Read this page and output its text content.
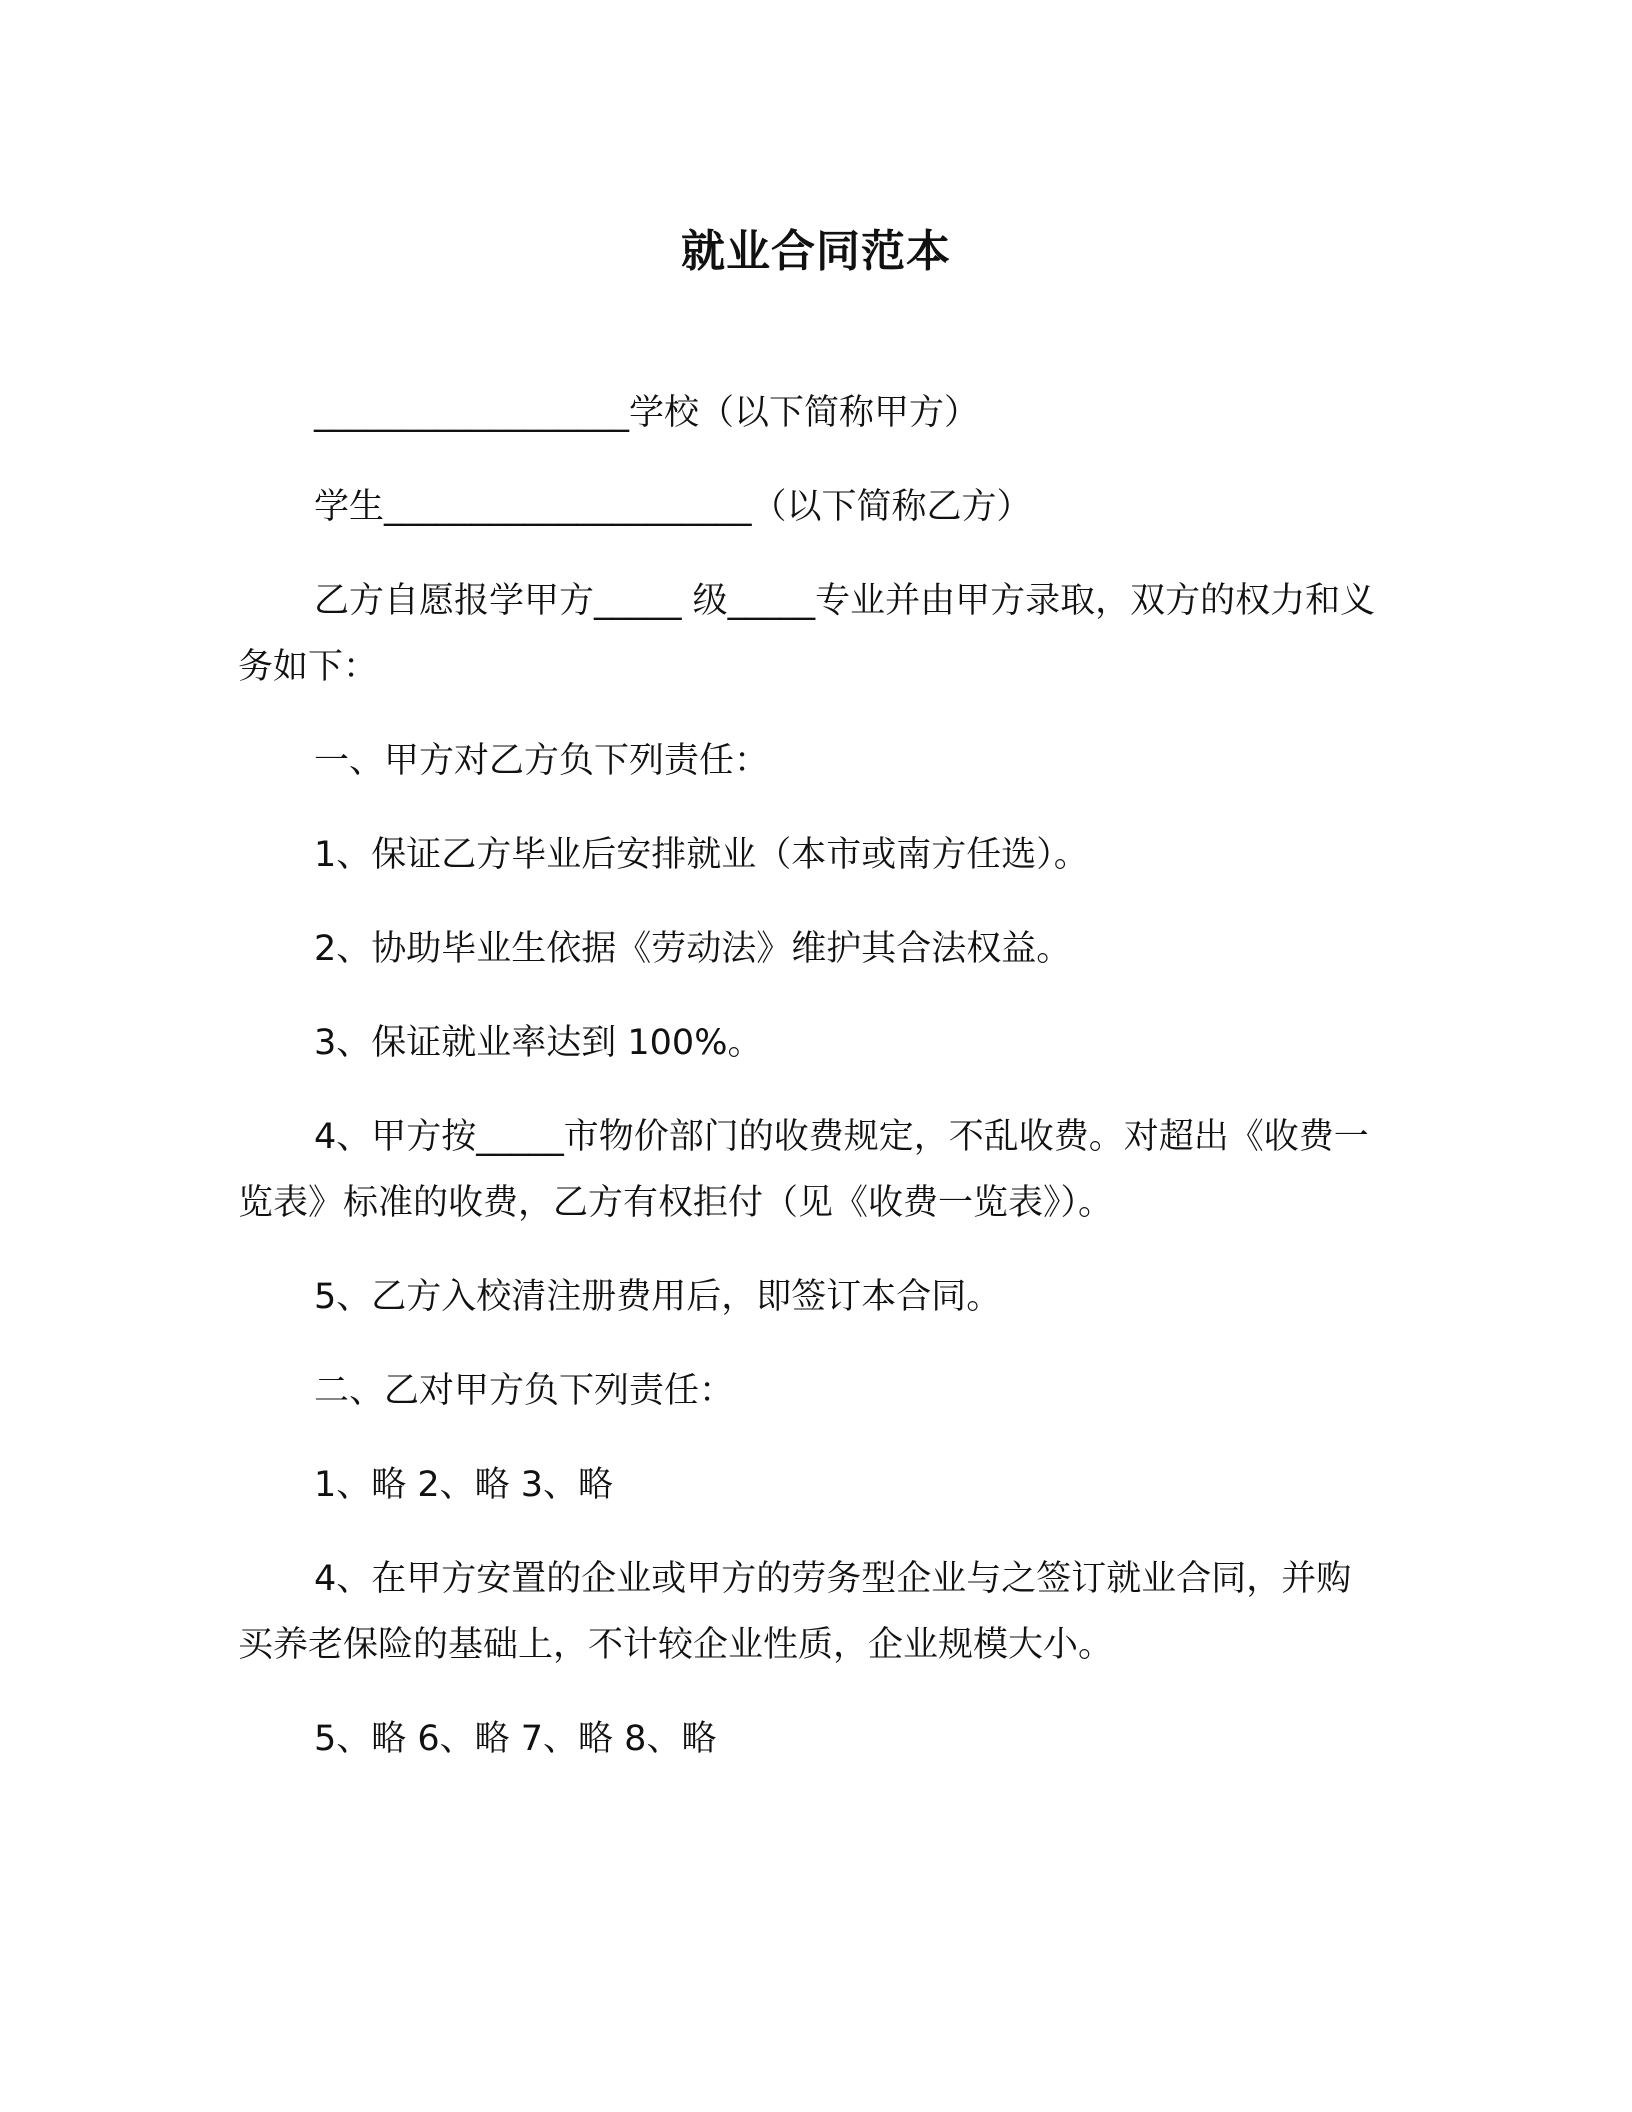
就业合同范本

__________________学校（以下简称甲方）

学生_____________________（以下简称乙方）

乙方自愿报学甲方_____ 级_____专业并由甲方录取，双方的权力和义务如下：

一、甲方对乙方负下列责任：

1、保证乙方毕业后安排就业（本市或南方任选）。

2、协助毕业生依据《劳动法》维护其合法权益。

3、保证就业率达到 100%。

4、甲方按_____市物价部门的收费规定，不乱收费。对超出《收费一览表》标准的收费，乙方有权拒付（见《收费一览表》）。

5、乙方入校清注册费用后，即签订本合同。

二、乙对甲方负下列责任：

1、略 2、略 3、略

4、在甲方安置的企业或甲方的劳务型企业与之签订就业合同，并购买养老保险的基础上，不计较企业性质，企业规模大小。

5、略 6、略 7、略 8、略
